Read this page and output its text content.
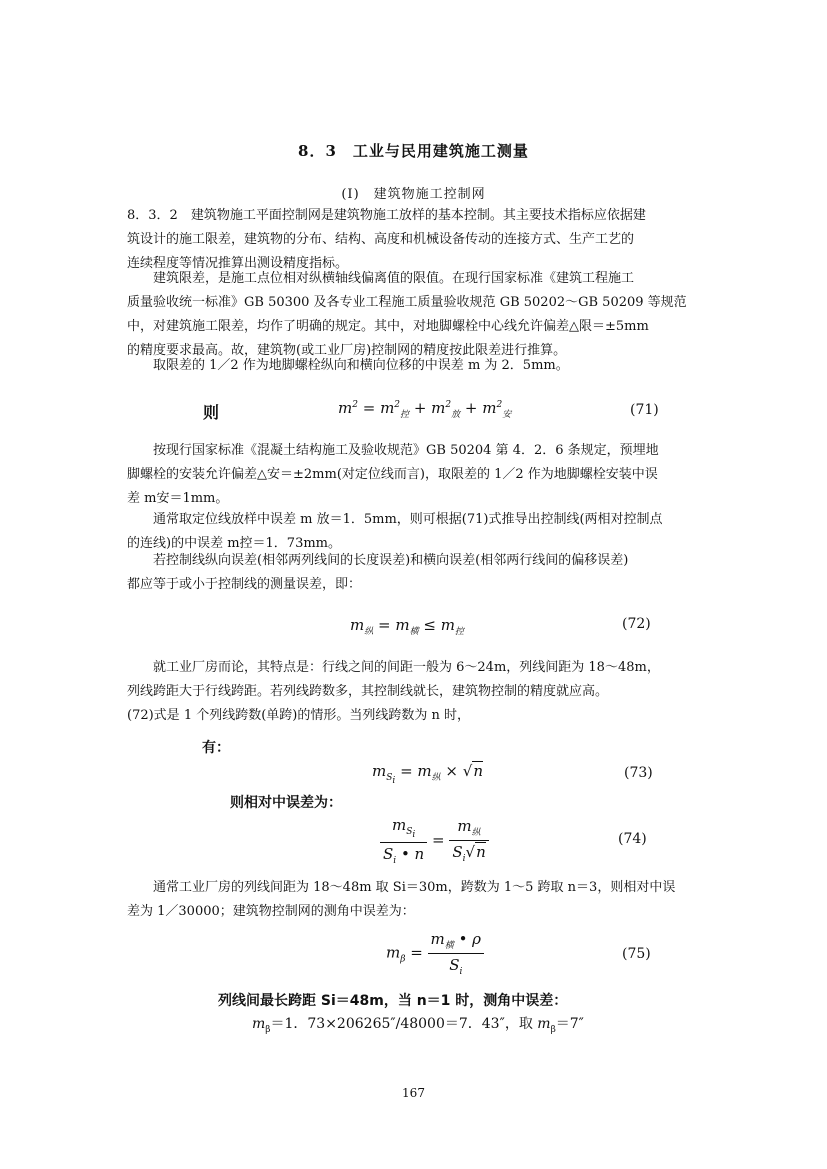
8．3　工业与民用建筑施工测量
(Ⅰ)　建筑物施工控制网
8．3．2　建筑物施工平面控制网是建筑物施工放样的基本控制。其主要技术指标应依据建
筑设计的施工限差，建筑物的分布、结构、高度和机械设备传动的连接方式、生产工艺的
连续程度等情况推算出测设精度指标。
建筑限差，是施工点位相对纵横轴线偏离值的限值。在现行国家标准《建筑工程施工
质量验收统一标准》GB 50300 及各专业工程施工质量验收规范 GB 50202～GB 50209 等规范
中，对建筑施工限差，均作了明确的规定。其中，对地脚螺栓中心线允许偏差△限＝±5mm
的精度要求最高。故，建筑物(或工业厂房)控制网的精度按此限差进行推算。
取限差的 1／2 作为地脚螺栓纵向和横向位移的中误差 m 为 2．5mm。
则	$m^2 = m^2_控 + m^2_放 + m^2_安$	(71)
按现行国家标准《混凝土结构施工及验收规范》GB 50204 第 4．2．6 条规定，预埋地
脚螺栓的安装允许偏差△安＝±2mm(对定位线而言)，取限差的 1／2 作为地脚螺栓安装中误
差 m安＝1mm。
通常取定位线放样中误差 m 放＝1．5mm，则可根据(71)式推导出控制线(两相对控制点
的连线)的中误差 m控＝1．73mm。
若控制线纵向误差(相邻两列线间的长度误差)和横向误差(相邻两行线间的偏移误差)
都应等于或小于控制线的测量误差，即：
$m_纵 = m_横 \le m_控$	(72)
就工业厂房而论，其特点是：行线之间的间距一般为 6～24m，列线间距为 18～48m，
列线跨距大于行线跨距。若列线跨数多，其控制线就长，建筑物控制的精度就应高。
(72)式是 1 个列线跨数(单跨)的情形。当列线跨数为 n 时，
有：
$m_{S_i} = m_纵 \times √n$	(73)
则相对中误差为：
$\frac{m_{S_i}}{S_i • n} = \frac{m_纵}{S_i√n}$	(74)
通常工业厂房的列线间距为 18～48m 取 Si＝30m，跨数为 1～5 跨取 n＝3，则相对中误
差为 1／30000；建筑物控制网的测角中误差为：
$m_\beta = \frac{m_横 • \rho}{S_i}$	(75)
列线间最长跨距 Si＝48m，当 n＝1 时，测角中误差：
$m_\beta=1$．73×206265″/48000＝7．43″，取 $m_\beta=7''$
167
